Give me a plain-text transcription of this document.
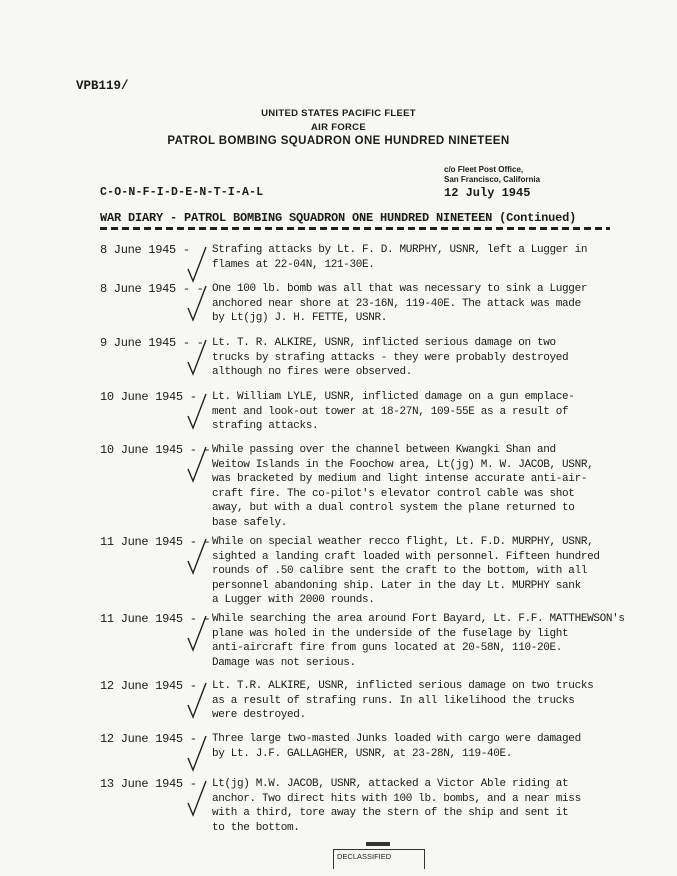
VPB119/
UNITED STATES PACIFIC FLEET
AIR FORCE
PATROL BOMBING SQUADRON ONE HUNDRED NINETEEN
c/o Fleet Post Office,
San Francisco, California
12 July 1945
C-O-N-F-I-D-E-N-T-I-A-L
WAR DIARY - PATROL BOMBING SQUADRON ONE HUNDRED NINETEEN (Continued)
8 June 1945 - Strafing attacks by Lt. F. D. MURPHY, USNR, left a Lugger in
flames at 22-04N, 121-30E.
8 June 1945 - - One 100 lb. bomb was all that was necessary to sink a Lugger
anchored near shore at 23-16N, 119-40E. The attack was made
by Lt(jg) J. H. FETTE, USNR.
9 June 1945 - - Lt. T. R. ALKIRE, USNR, inflicted serious damage on two
trucks by strafing attacks - they were probably destroyed
although no fires were observed.
10 June 1945 - Lt. William LYLE, USNR, inflicted damage on a gun emplace-
ment and look-out tower at 18-27N, 109-55E as a result of
strafing attacks.
10 June 1945 - - While passing over the channel between Kwangki Shan and
Weitow Islands in the Foochow area, Lt(jg) M. W. JACOB, USNR,
was bracketed by medium and light intense accurate anti-air-
craft fire. The co-pilot's elevator control cable was shot
away, but with a dual control system the plane returned to
base safely.
11 June 1945 - - While on special weather recco flight, Lt. F.D. MURPHY, USNR,
sighted a landing craft loaded with personnel. Fifteen hundred
rounds of .50 calibre sent the craft to the bottom, with all
personnel abandoning ship. Later in the day Lt. MURPHY sank
a Lugger with 2000 rounds.
11 June 1945 - - While searching the area around Fort Bayard, Lt. F.F. MATTHEWSON's
plane was holed in the underside of the fuselage by light
anti-aircraft fire from guns located at 20-58N, 110-20E.
Damage was not serious.
12 June 1945 - Lt. T.R. ALKIRE, USNR, inflicted serious damage on two trucks
as a result of strafing runs. In all likelihood the trucks
were destroyed.
12 June 1945 - Three large two-masted Junks loaded with cargo were damaged
by Lt. J.F. GALLAGHER, USNR, at 23-28N, 119-40E.
13 June 1945 - Lt(jg) M.W. JACOB, USNR, attacked a Victor Able riding at
anchor. Two direct hits with 100 lb. bombs, and a near miss
with a third, tore away the stern of the ship and sent it
to the bottom.
DECLASSIFIED
